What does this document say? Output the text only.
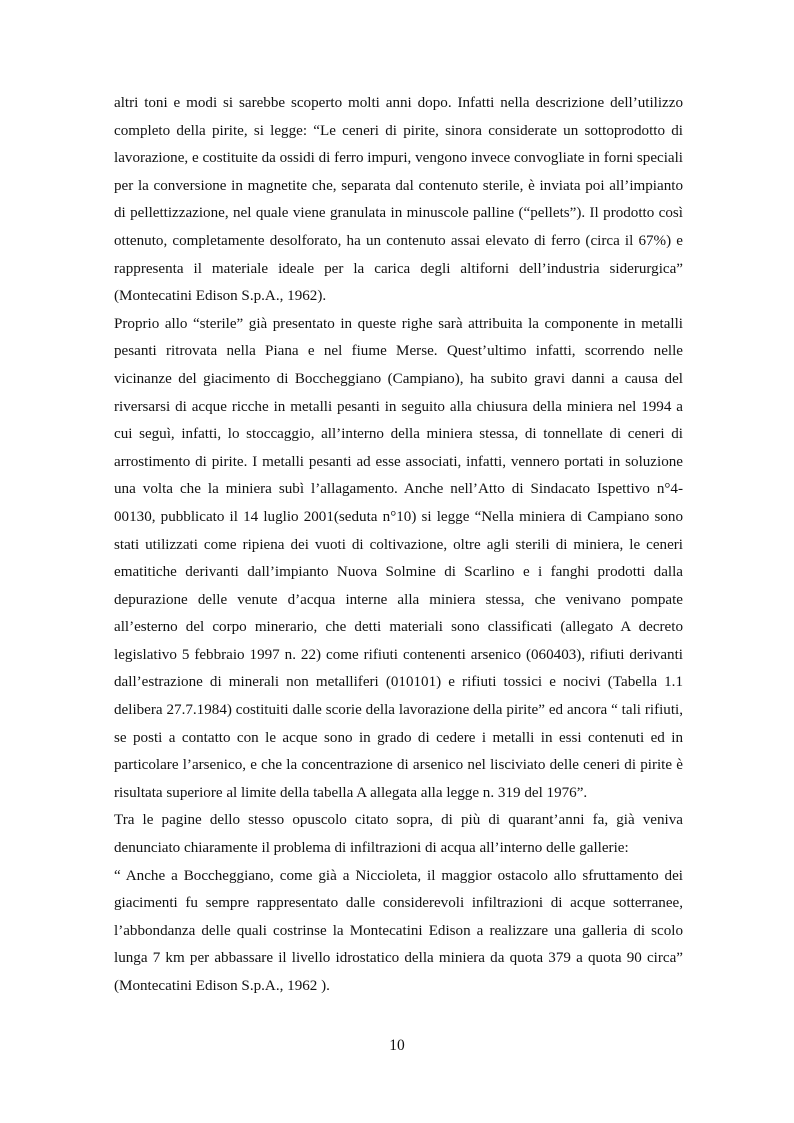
altri toni e modi si sarebbe scoperto molti anni dopo. Infatti nella descrizione dell’utilizzo completo della pirite, si legge: “Le ceneri di pirite, sinora considerate un sottoprodotto di lavorazione, e costituite da ossidi di ferro impuri, vengono invece convogliate in forni speciali per la conversione in magnetite che, separata dal contenuto sterile, è inviata poi all’impianto di pellettizzazione, nel quale viene granulata in minuscole palline (“pellets”). Il prodotto così ottenuto, completamente desolforato, ha un contenuto assai elevato di ferro (circa il 67%) e rappresenta il materiale ideale per la carica degli altiforni dell’industria siderurgica” (Montecatini Edison S.p.A., 1962).

Proprio allo “sterile” già presentato in queste righe sarà attribuita la componente in metalli pesanti ritrovata nella Piana e nel fiume Merse. Quest’ultimo infatti, scorrendo nelle vicinanze del giacimento di Boccheggiano (Campiano), ha subito gravi danni a causa del riversarsi di acque ricche in metalli pesanti in seguito alla chiusura della miniera nel 1994 a cui seguì, infatti, lo stoccaggio, all’interno della miniera stessa, di tonnellate di ceneri di arrostimento di pirite. I metalli pesanti ad esse associati, infatti, vennero portati in soluzione una volta che la miniera subì l’allagamento. Anche nell’Atto di Sindacato Ispettivo n°4-00130, pubblicato il 14 luglio 2001(seduta n°10) si legge “Nella miniera di Campiano sono stati utilizzati come ripiena dei vuoti di coltivazione, oltre agli sterili di miniera, le ceneri ematitiche derivanti dall’impianto Nuova Solmine di Scarlino e i fanghi prodotti dalla depurazione delle venute d’acqua interne alla miniera stessa, che venivano pompate all’esterno del corpo minerario, che detti materiali sono classificati (allegato A decreto legislativo 5 febbraio 1997 n. 22) come rifiuti contenenti arsenico (060403), rifiuti derivanti dall’estrazione di minerali non metalliferi (010101) e rifiuti tossici e nocivi (Tabella 1.1 delibera 27.7.1984) costituiti dalle scorie della lavorazione della pirite” ed ancora “ tali rifiuti, se posti a contatto con le acque sono in grado di cedere i metalli in essi contenuti ed in particolare l’arsenico, e che la concentrazione di arsenico nel lisciviato delle ceneri di pirite è risultata superiore al limite della tabella A allegata alla legge n. 319 del 1976”.

Tra le pagine dello stesso opuscolo citato sopra, di più di quarant’anni fa, già veniva denunciato chiaramente il problema di infiltrazioni di acqua all’interno delle gallerie:

“ Anche a Boccheggiano, come già a Niccioleta, il maggior ostacolo allo sfruttamento dei giacimenti fu sempre rappresentato dalle considerevoli infiltrazioni di acque sotterranee, l’abbondanza delle quali costrinse la Montecatini Edison a realizzare una galleria di scolo lunga 7 km per abbassare il livello idrostatico della miniera da quota 379 a quota 90 circa” (Montecatini Edison S.p.A., 1962 ).

10
